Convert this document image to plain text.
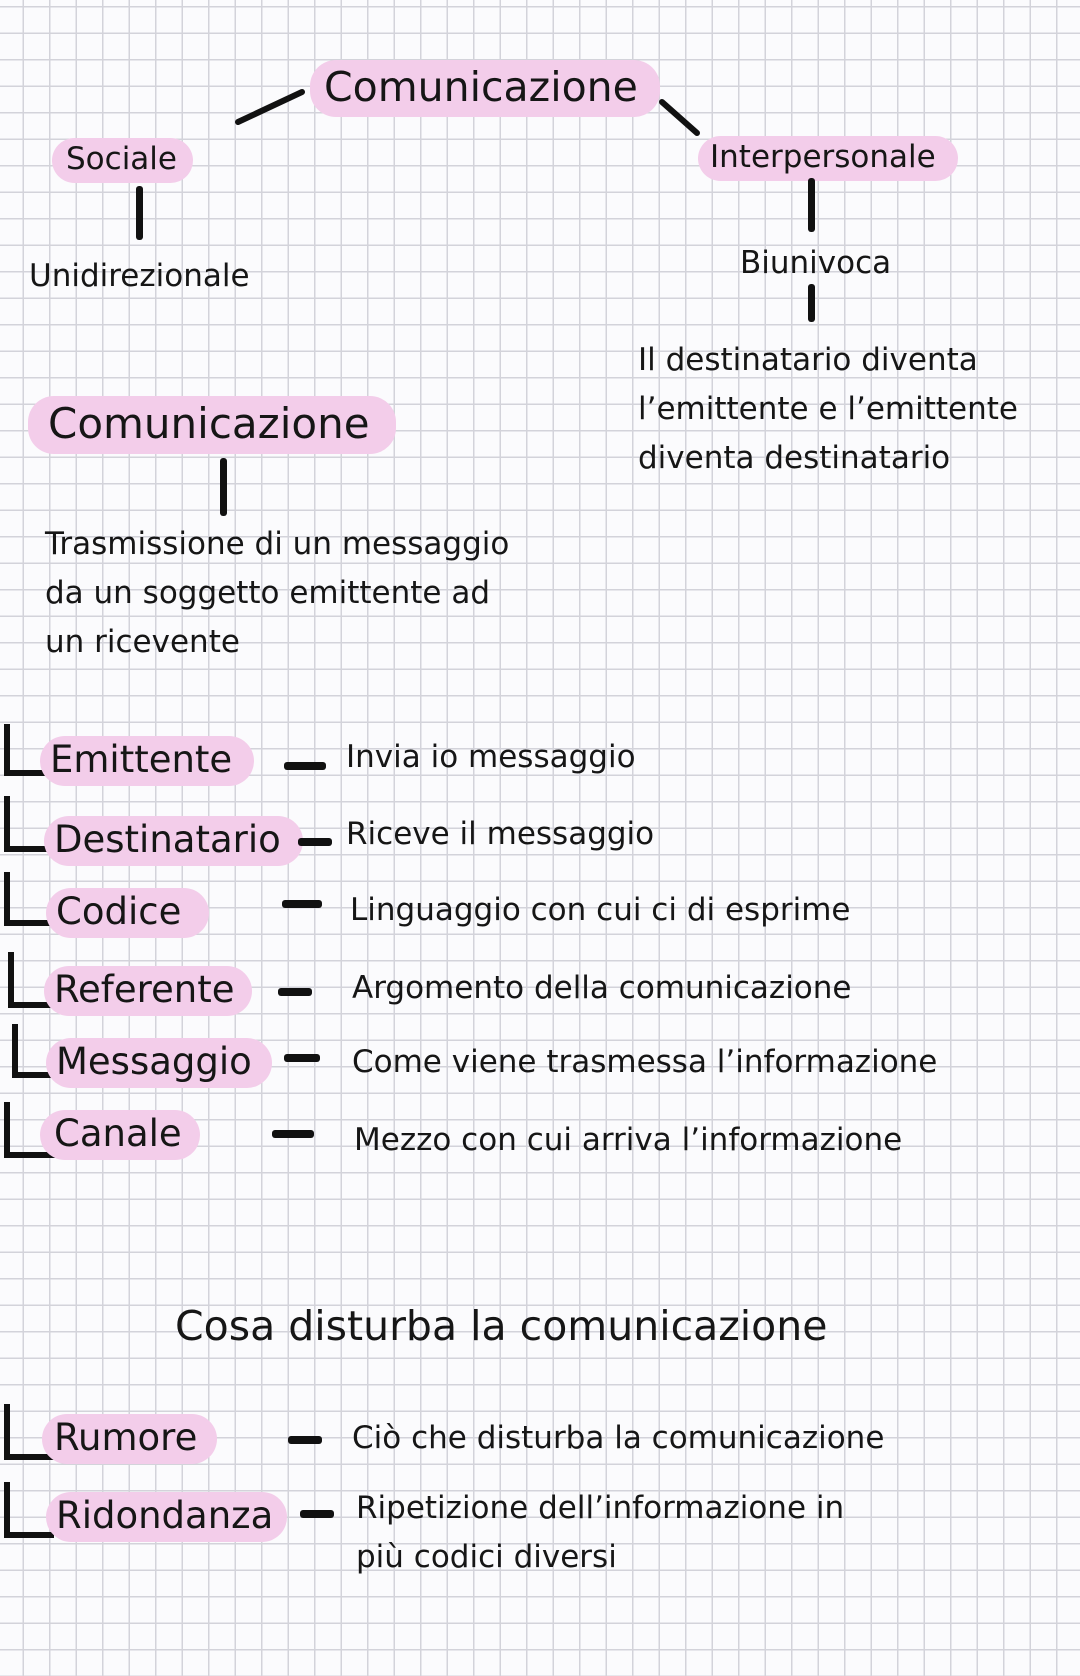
Comunicazione
Sociale
Unidirezionale
Interpersonale
Biunivoca
Il destinatario diventa
l’emittente e l’emittente
diventa destinatario
Comunicazione
Trasmissione di un messaggio
da un soggetto emittente ad
un ricevente
Emittente	Invia io messaggio
Destinatario	Riceve il messaggio
Codice	Linguaggio con cui ci di esprime
Referente	Argomento della comunicazione
Messaggio	Come viene trasmessa l’informazione
Canale	Mezzo con cui arriva l’informazione
Cosa disturba la comunicazione
Rumore	Ciò che disturba la comunicazione
Ridondanza	Ripetizione dell’informazione in
più codici diversi
